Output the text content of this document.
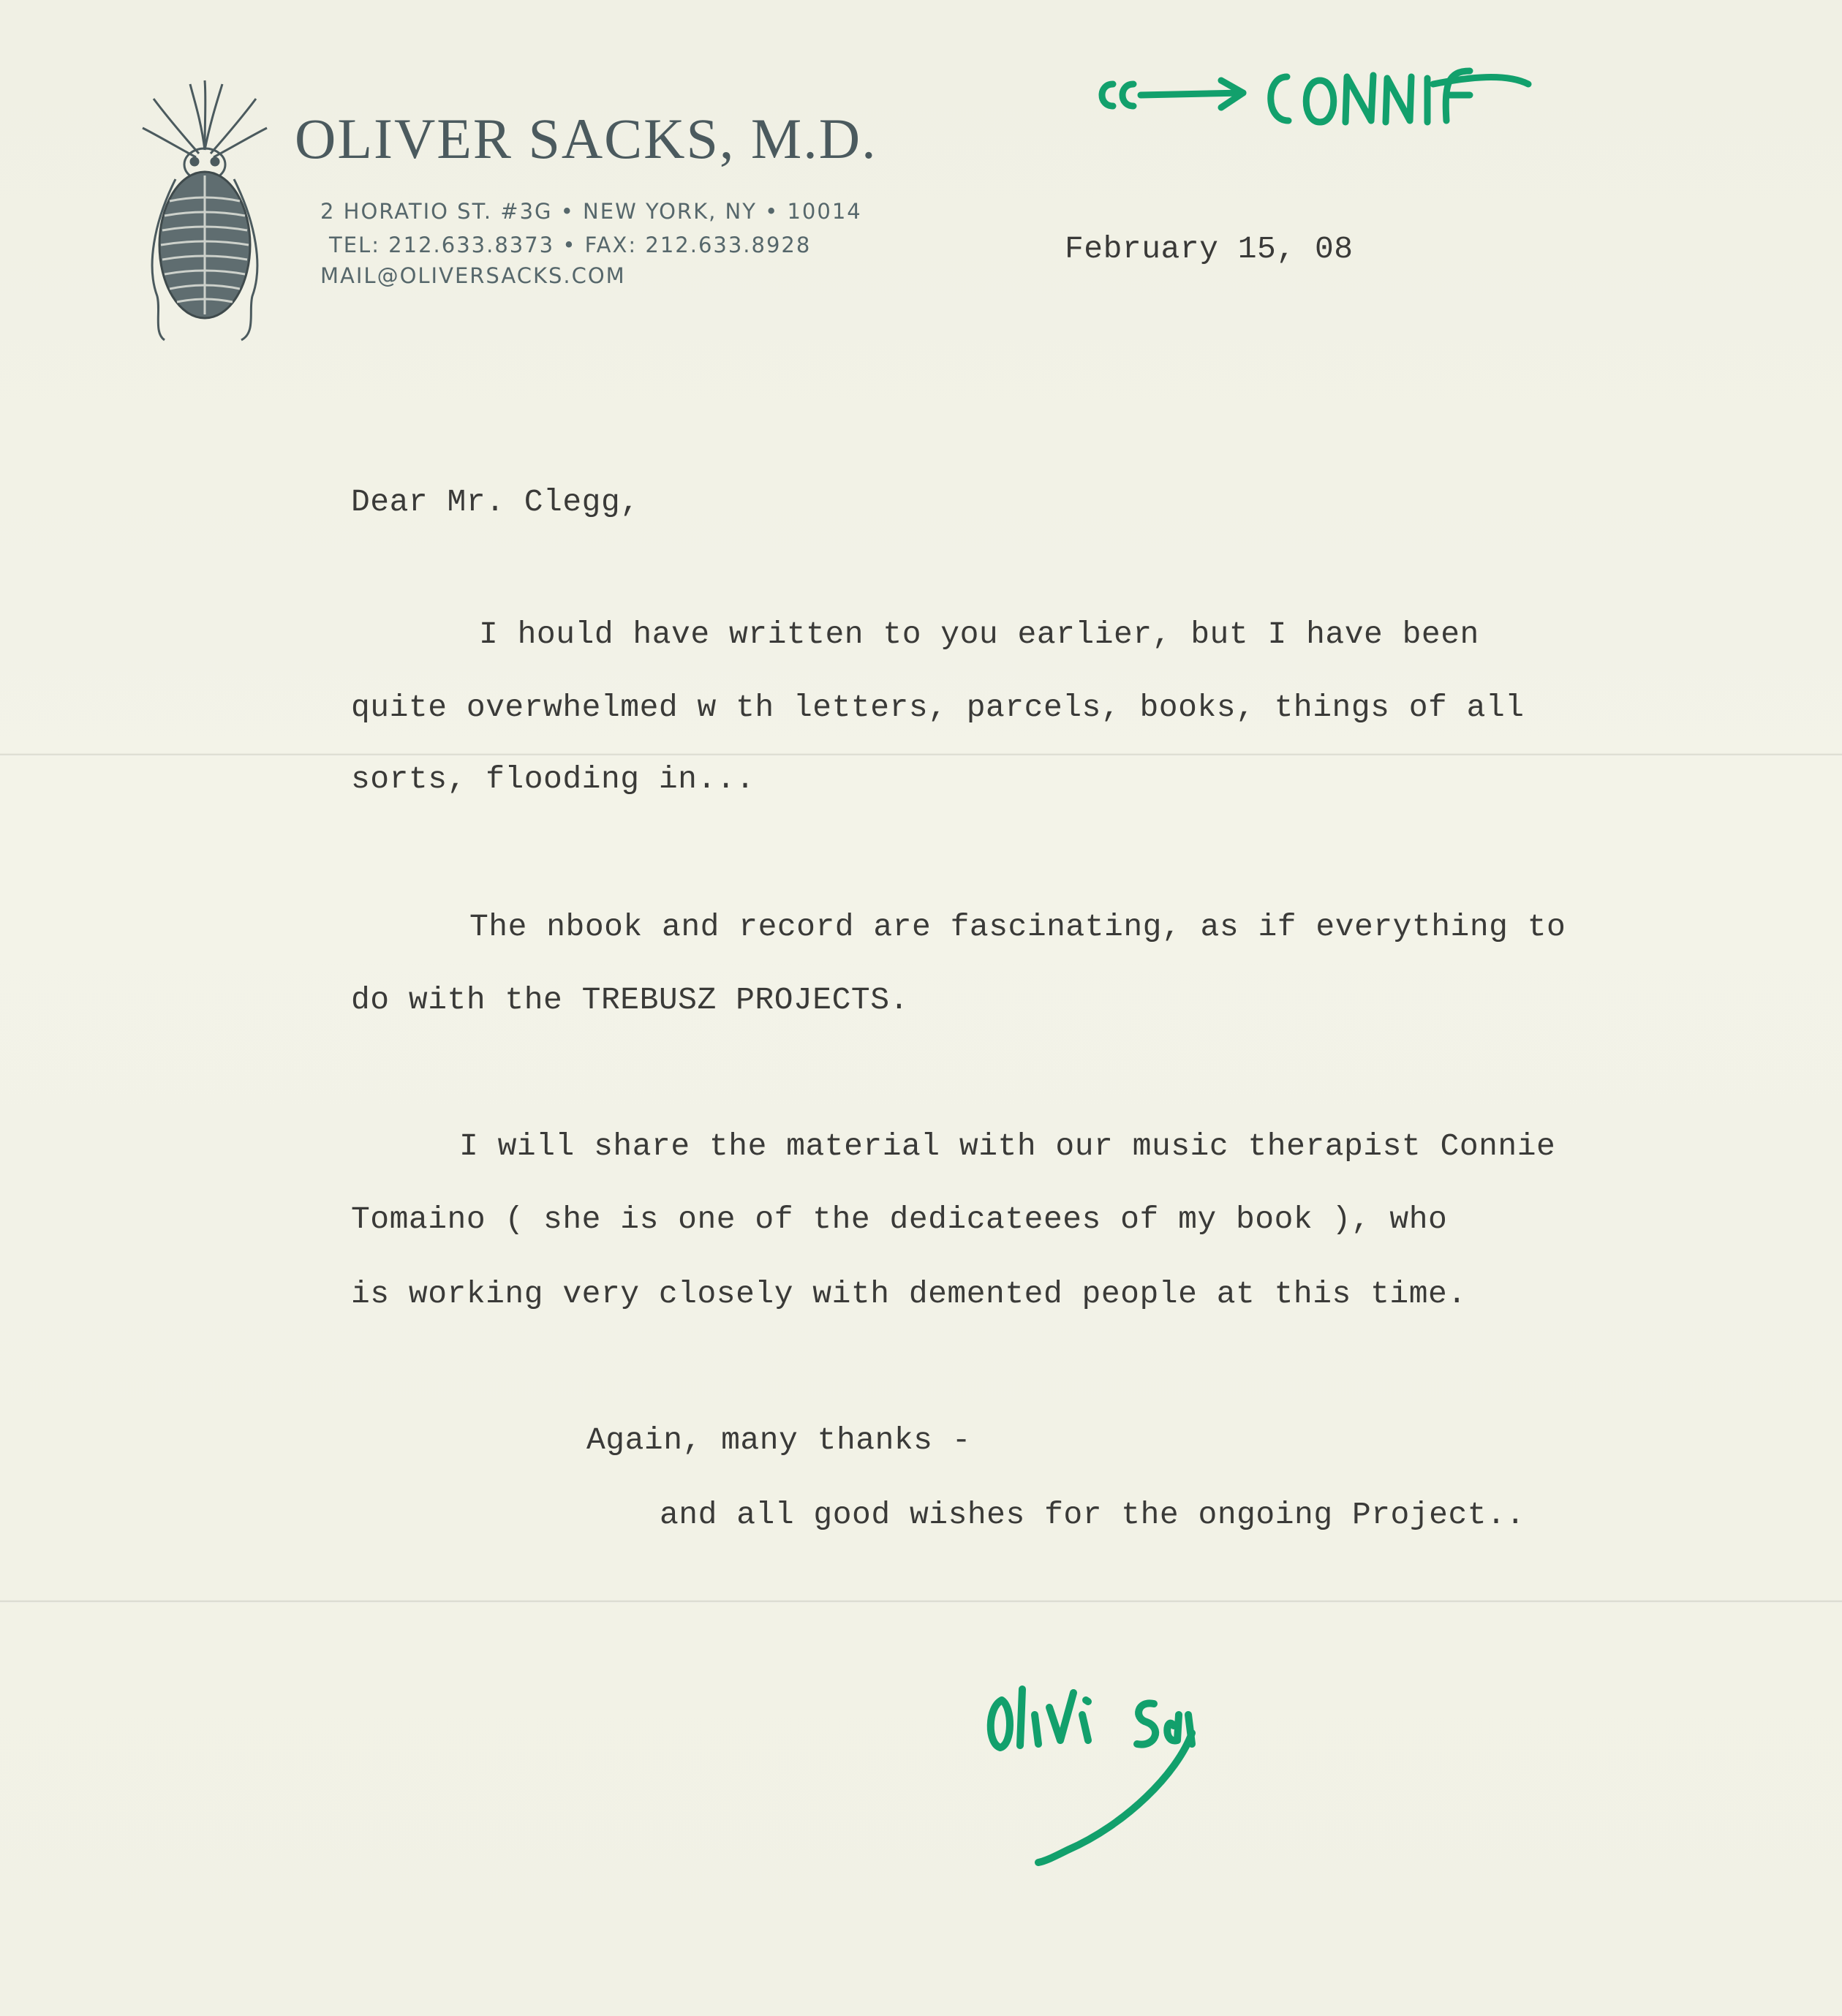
OLIVER SACKS, M.D.
2 HORATIO ST. #3G • NEW YORK, NY • 10014
TEL: 212.633.8373 • FAX: 212.633.8928
MAIL@OLIVERSACKS.COM
February 15, 08
Dear Mr. Clegg,
I hould have written to you earlier, but I have been
quite overwhelmed w th letters, parcels, books, things of all
sorts, flooding in...
The nbook and record are fascinating, as if everything to
do with the TREBUSZ PROJECTS.
I will share the material with our music therapist Connie
Tomaino ( she is one of the dedicateees of my book ), who
is working very closely with demented people at this time.
Again, many thanks -
and all good wishes for the ongoing Project..
